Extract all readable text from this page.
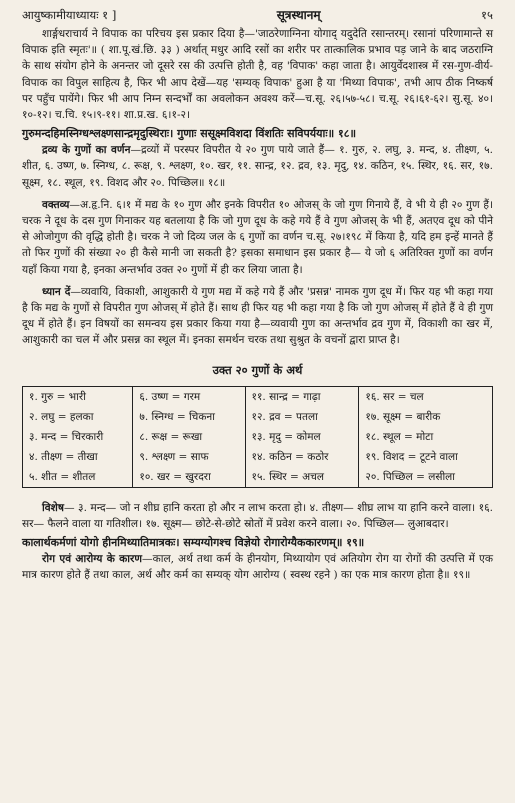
आयुष्कामीयाध्यायः १ ]	सूत्रस्थानम्	१५

शार्ङ्गधराचार्य ने विपाक का परिचय इस प्रकार दिया है—'जाठरेणाग्निना योगाद् यदुदेति रसान्तरम्। रसानां परिणामान्ते स विपाक इति स्मृतः'॥ ( शा.पू.खं.छि. ३३ ) अर्थात् मधुर आदि रसों का शरीर पर तात्कालिक प्रभाव पड़ जाने के बाद जठराग्नि के साथ संयोग होने के अनन्तर जो दूसरे रस की उत्पत्ति होती है, वह 'विपाक' कहा जाता है। आयुर्वेदशास्त्र में रस-गुण-वीर्य-विपाक का विपुल साहित्य है, फिर भी आप देखें—यह 'सम्यक् विपाक' हुआ है या 'मिथ्या विपाक', तभी आप ठीक निष्कर्ष पर पहुँच पायेंगे। फिर भी आप निम्न सन्दर्भों का अवलोकन अवश्य करें—च.सू. २६।५७-५८। च.सू. २६।६१-६२। सु.सू. ४०।१०-१२। च.चि. १५।९-११। शा.प्र.ख. ६।१-२।

गुरुमन्दहिमस्निग्धश्लक्ष्णसान्द्रमृदुस्थिराः। गुणाः ससूक्ष्मविशदा विंशतिः सविपर्ययाः॥ १८॥

द्रव्य के गुणों का वर्णन—द्रव्यों में परस्पर विपरीत ये २० गुण पाये जाते हैं— १. गुरु, २. लघु, ३. मन्द, ४. तीक्ष्ण, ५. शीत, ६. उष्ण, ७. स्निग्ध, ८. रूक्ष, ९. श्लक्ष्ण, १०. खर, ११. सान्द्र, १२. द्रव, १३. मृदु, १४. कठिन, १५. स्थिर, १६. सर, १७. सूक्ष्म, १८. स्थूल, १९. विशद और २०. पिच्छिल॥ १८॥

वक्तव्य—अ.हृ.नि. ६।१ में मद्य के १० गुण और इनके विपरीत १० ओजस् के जो गुण गिनाये हैं, वे भी ये ही २० गुण हैं। चरक ने दूध के दस गुण गिनाकर यह बतलाया है कि जो गुण दूध के कहे गये हैं वे गुण ओजस् के भी हैं, अतएव दूध को पीने से ओजोगुण की वृद्धि होती है। चरक ने जो दिव्य जल के ६ गुणों का वर्णन च.सू. २७।१९८ में किया है, यदि हम इन्हें मानते हैं तो फिर गुणों की संख्या २० ही कैसे मानी जा सकती है? इसका समाधान इस प्रकार है— ये जो ६ अतिरिक्त गुणों का वर्णन यहाँ किया गया है, इनका अन्तर्भाव उक्त २० गुणों में ही कर लिया जाता है।

ध्यान दें—व्यवायि, विकाशी, आशुकारी ये गुण मद्य में कहे गये हैं और 'प्रसन्न' नामक गुण दूध में। फिर यह भी कहा गया है कि मद्य के गुणों से विपरीत गुण ओजस् में होते हैं। साथ ही फिर यह भी कहा गया है कि जो गुण ओजस् में होते हैं वे ही गुण दूध में होते हैं। इन विषयों का समन्वय इस प्रकार किया गया है—व्यवायी गुण का अन्तर्भाव द्रव गुण में, विकाशी का खर में, आशुकारी का चल में और प्रसन्न का स्थूल में। इनका समर्थन चरक तथा सुश्रुत के वचनों द्वारा प्राप्त है।

उक्त २० गुणों के अर्थ
१. गुरु = भारी	६. उष्ण = गरम	११. सान्द्र = गाढ़ा	१६. सर = चल
२. लघु = हलका	७. स्निग्ध = चिकना	१२. द्रव = पतला	१७. सूक्ष्म = बारीक
३. मन्द = चिरकारी	८. रूक्ष = रूखा	१३. मृदु = कोमल	१८. स्थूल = मोटा
४. तीक्ष्ण = तीखा	९. श्लक्ष्ण = साफ	१४. कठिन = कठोर	१९. विशद = टूटने वाला
५. शीत = शीतल	१०. खर = खुरदरा	१५. स्थिर = अचल	२०. पिच्छिल = लसीला

विशेष— ३. मन्द— जो न शीघ्र हानि करता हो और न लाभ करता हो। ४. तीक्ष्ण— शीघ्र लाभ या हानि करने वाला। १६. सर— फैलने वाला या गतिशील। १७. सूक्ष्म— छोटे-से-छोटे स्रोतों में प्रवेश करने वाला। २०. पिच्छिल— लुआबदार।

कालार्थकर्मणां योगो हीनमिथ्यातिमात्रकः। सम्यग्योगश्च विज्ञेयो रोगारोग्यैककारणम्॥ १९॥

रोग एवं आरोग्य के कारण—काल, अर्थ तथा कर्म के हीनयोग, मिथ्यायोग एवं अतियोग रोग या रोगों की उत्पत्ति में एक मात्र कारण होते हैं तथा काल, अर्थ और कर्म का सम्यक् योग आरोग्य ( स्वस्थ रहने ) का एक मात्र कारण होता है॥ १९॥
